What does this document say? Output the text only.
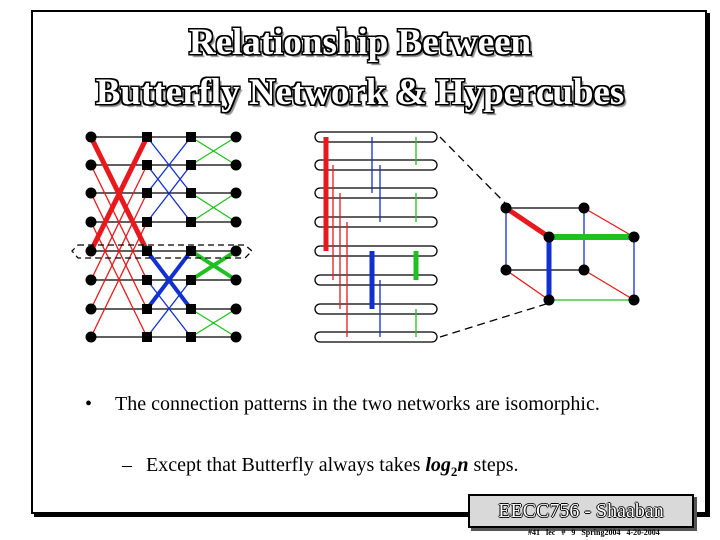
Relationship Between
Butterfly Network & Hypercubes
• The connection patterns in the two networks are isomorphic.
– Except that Butterfly always takes $\log_2n$ steps.
EECC756 - Shaaban
#41 lec # 9 Spring2004 4-20-2004
